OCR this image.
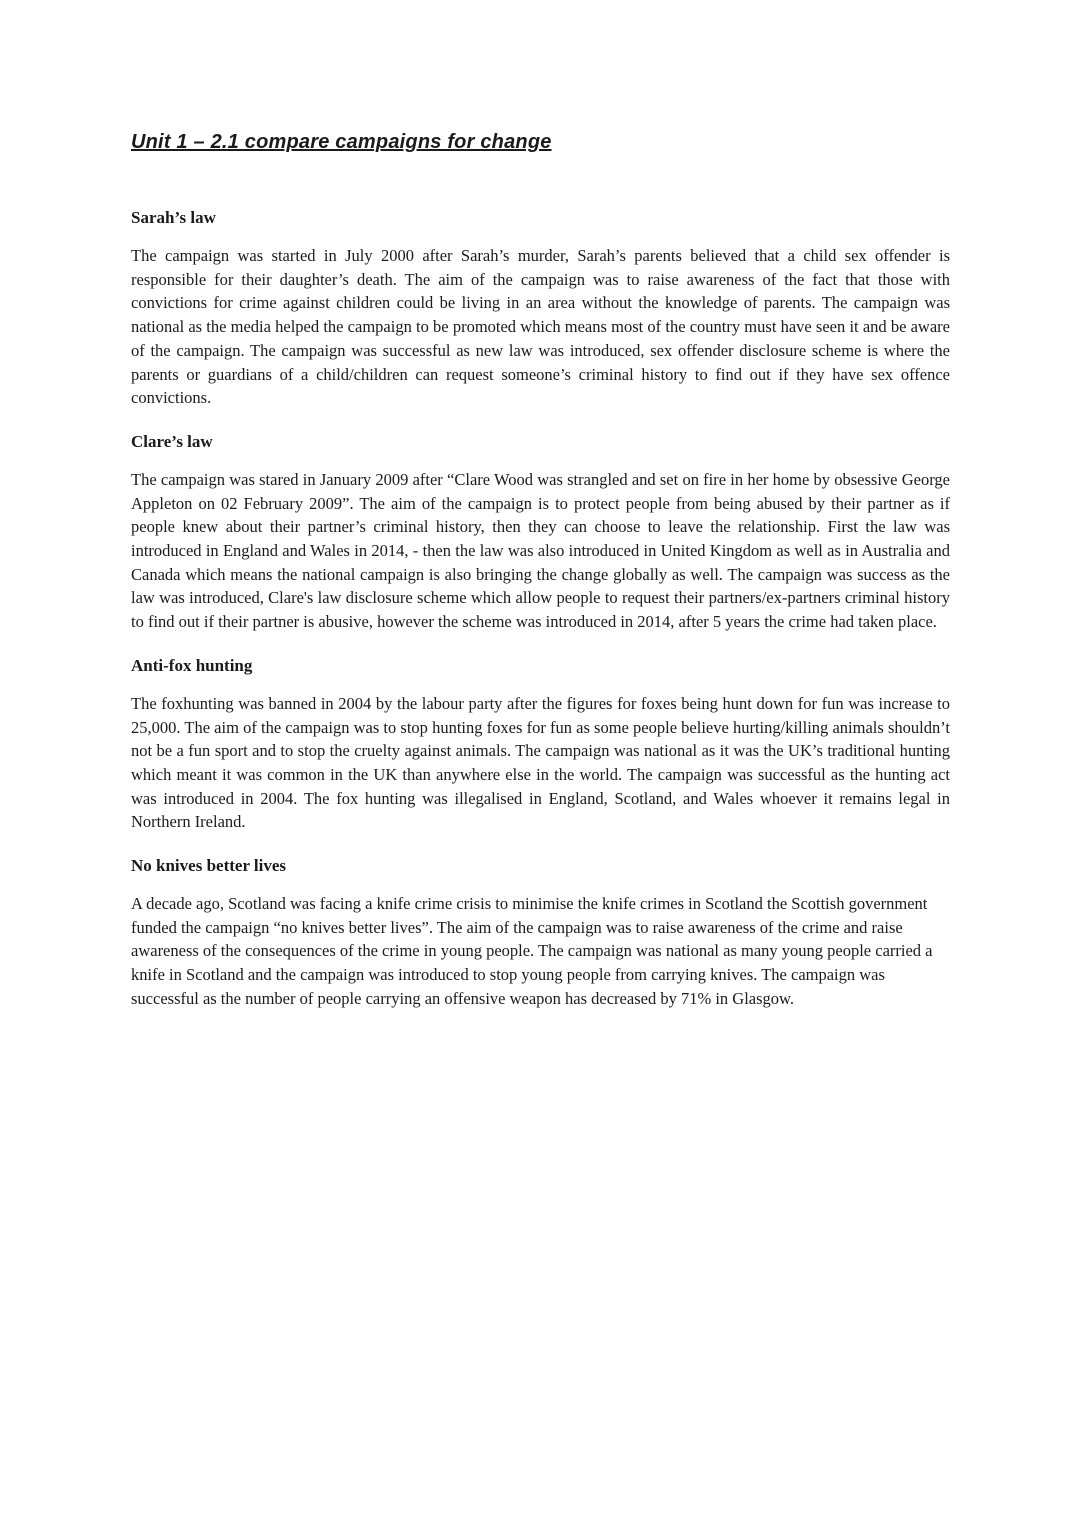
Unit 1 – 2.1 compare campaigns for change
Sarah’s law

The campaign was started in July 2000 after Sarah’s murder, Sarah’s parents believed that a child sex offender is responsible for their daughter’s death. The aim of the campaign was to raise awareness of the fact that those with convictions for crime against children could be living in an area without the knowledge of parents. The campaign was national as the media helped the campaign to be promoted which means most of the country must have seen it and be aware of the campaign. The campaign was successful as new law was introduced, sex offender disclosure scheme is where the parents or guardians of a child/children can request someone’s criminal history to find out if they have sex offence convictions.

Clare’s law

The campaign was stared in January 2009 after “Clare Wood was strangled and set on fire in her home by obsessive George Appleton on 02 February 2009”. The aim of the campaign is to protect people from being abused by their partner as if people knew about their partner’s criminal history, then they can choose to leave the relationship. First the law was introduced in England and Wales in 2014, - then the law was also introduced in United Kingdom as well as in Australia and Canada which means the national campaign is also bringing the change globally as well. The campaign was success as the law was introduced, Clare's law disclosure scheme which allow people to request their partners/ex-partners criminal history to find out if their partner is abusive, however the scheme was introduced in 2014, after 5 years the crime had taken place.

Anti-fox hunting

The foxhunting was banned in 2004 by the labour party after the figures for foxes being hunt down for fun was increase to 25,000. The aim of the campaign was to stop hunting foxes for fun as some people believe hurting/killing animals shouldn’t not be a fun sport and to stop the cruelty against animals. The campaign was national as it was the UK’s traditional hunting which meant it was common in the UK than anywhere else in the world. The campaign was successful as the hunting act was introduced in 2004. The fox hunting was illegalised in England, Scotland, and Wales whoever it remains legal in Northern Ireland.

No knives better lives

A decade ago, Scotland was facing a knife crime crisis to minimise the knife crimes in Scotland the Scottish government funded the campaign “no knives better lives”. The aim of the campaign was to raise awareness of the crime and raise awareness of the consequences of the crime in young people. The campaign was national as many young people carried a knife in Scotland and the campaign was introduced to stop young people from carrying knives. The campaign was successful as the number of people carrying an offensive weapon has decreased by 71% in Glasgow.
